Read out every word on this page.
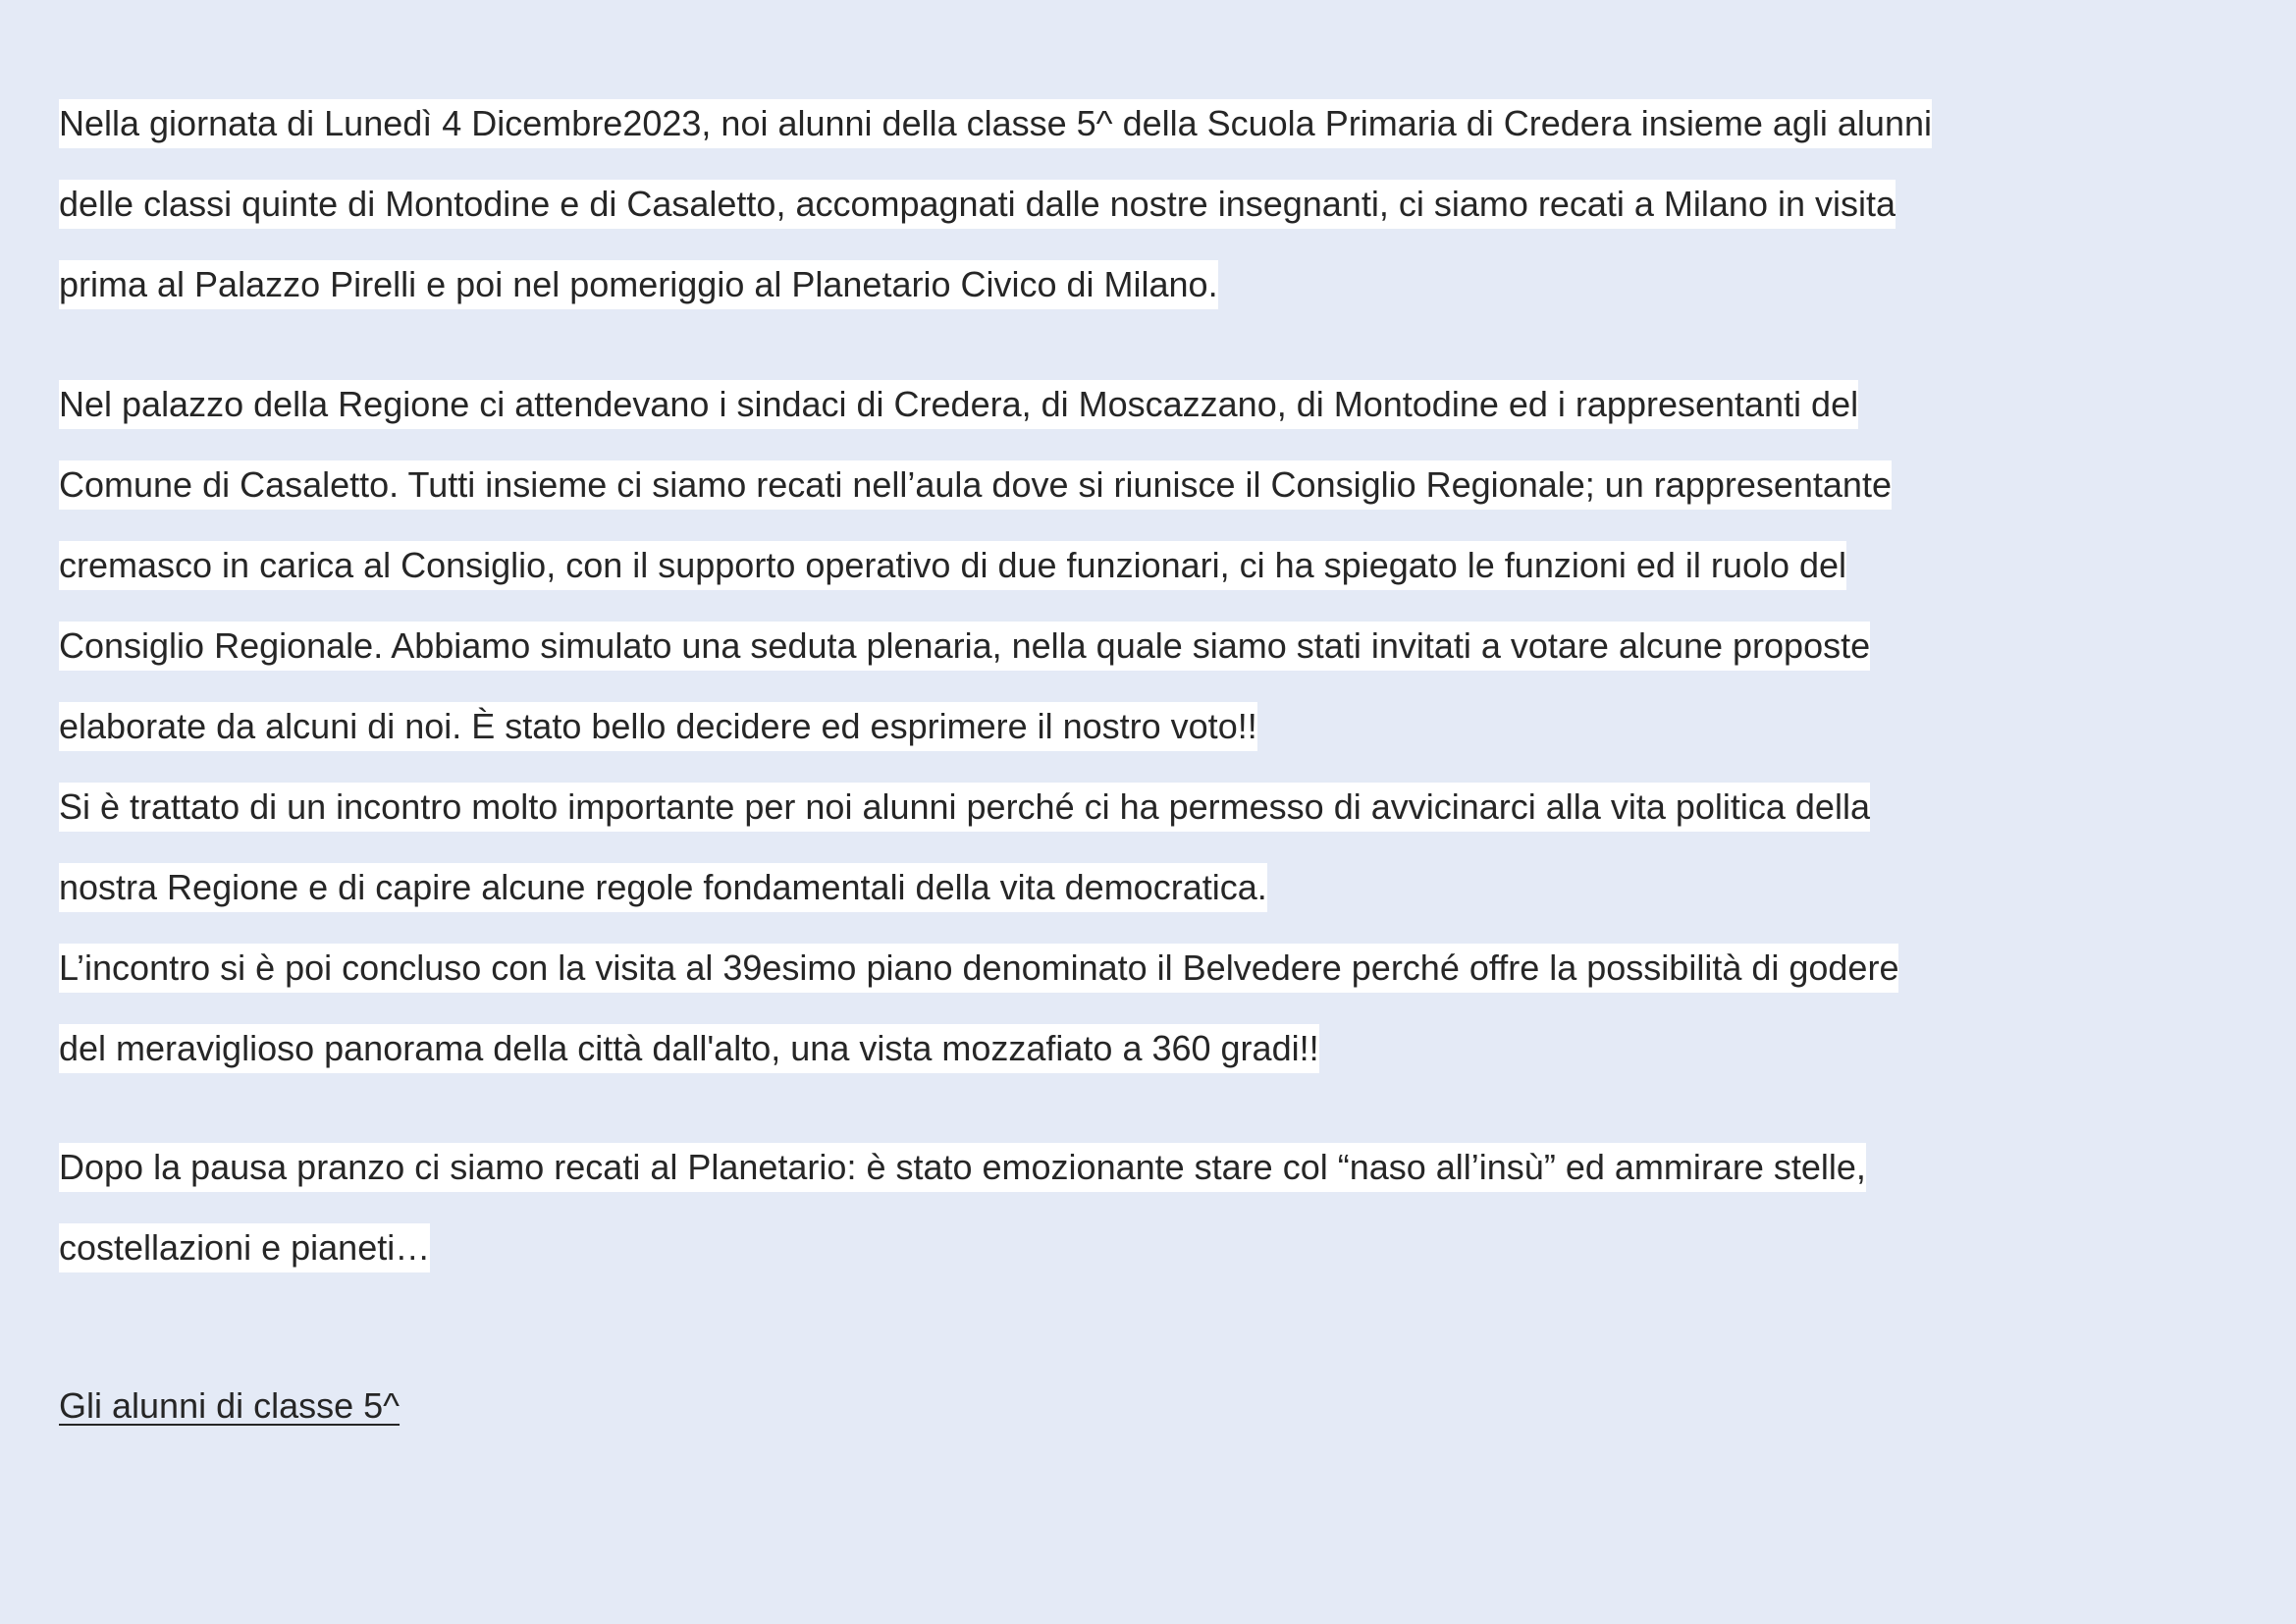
Nella giornata di Lunedì 4 Dicembre2023, noi alunni della classe 5^ della Scuola Primaria di Credera insieme agli alunni
delle classi quinte di Montodine e di Casaletto, accompagnati dalle nostre insegnanti, ci siamo recati a Milano in visita
prima al Palazzo Pirelli e poi nel pomeriggio al Planetario Civico di Milano.
Nel palazzo della Regione ci attendevano i sindaci di Credera, di Moscazzano, di Montodine ed i rappresentanti del
Comune di Casaletto. Tutti insieme ci siamo recati nell’aula dove si riunisce il Consiglio Regionale; un rappresentante
cremasco in carica al Consiglio, con il supporto operativo di due funzionari, ci ha spiegato le funzioni ed il ruolo del
Consiglio Regionale. Abbiamo simulato una seduta plenaria, nella quale siamo stati invitati a votare alcune proposte
elaborate da alcuni di noi. È stato bello decidere ed esprimere il nostro voto!!
Si è trattato di un incontro molto importante per noi alunni perché ci ha permesso di avvicinarci alla vita politica della
nostra Regione e di capire alcune regole fondamentali della vita democratica.
L’incontro si è poi concluso con la visita al 39esimo piano denominato il Belvedere perché offre la possibilità di godere
del meraviglioso panorama della città dall'alto, una vista mozzafiato a 360 gradi!!
Dopo la pausa pranzo ci siamo recati al Planetario: è stato emozionante stare col “naso all’insù” ed ammirare stelle,
costellazioni e pianeti…
Gli alunni di classe 5^
